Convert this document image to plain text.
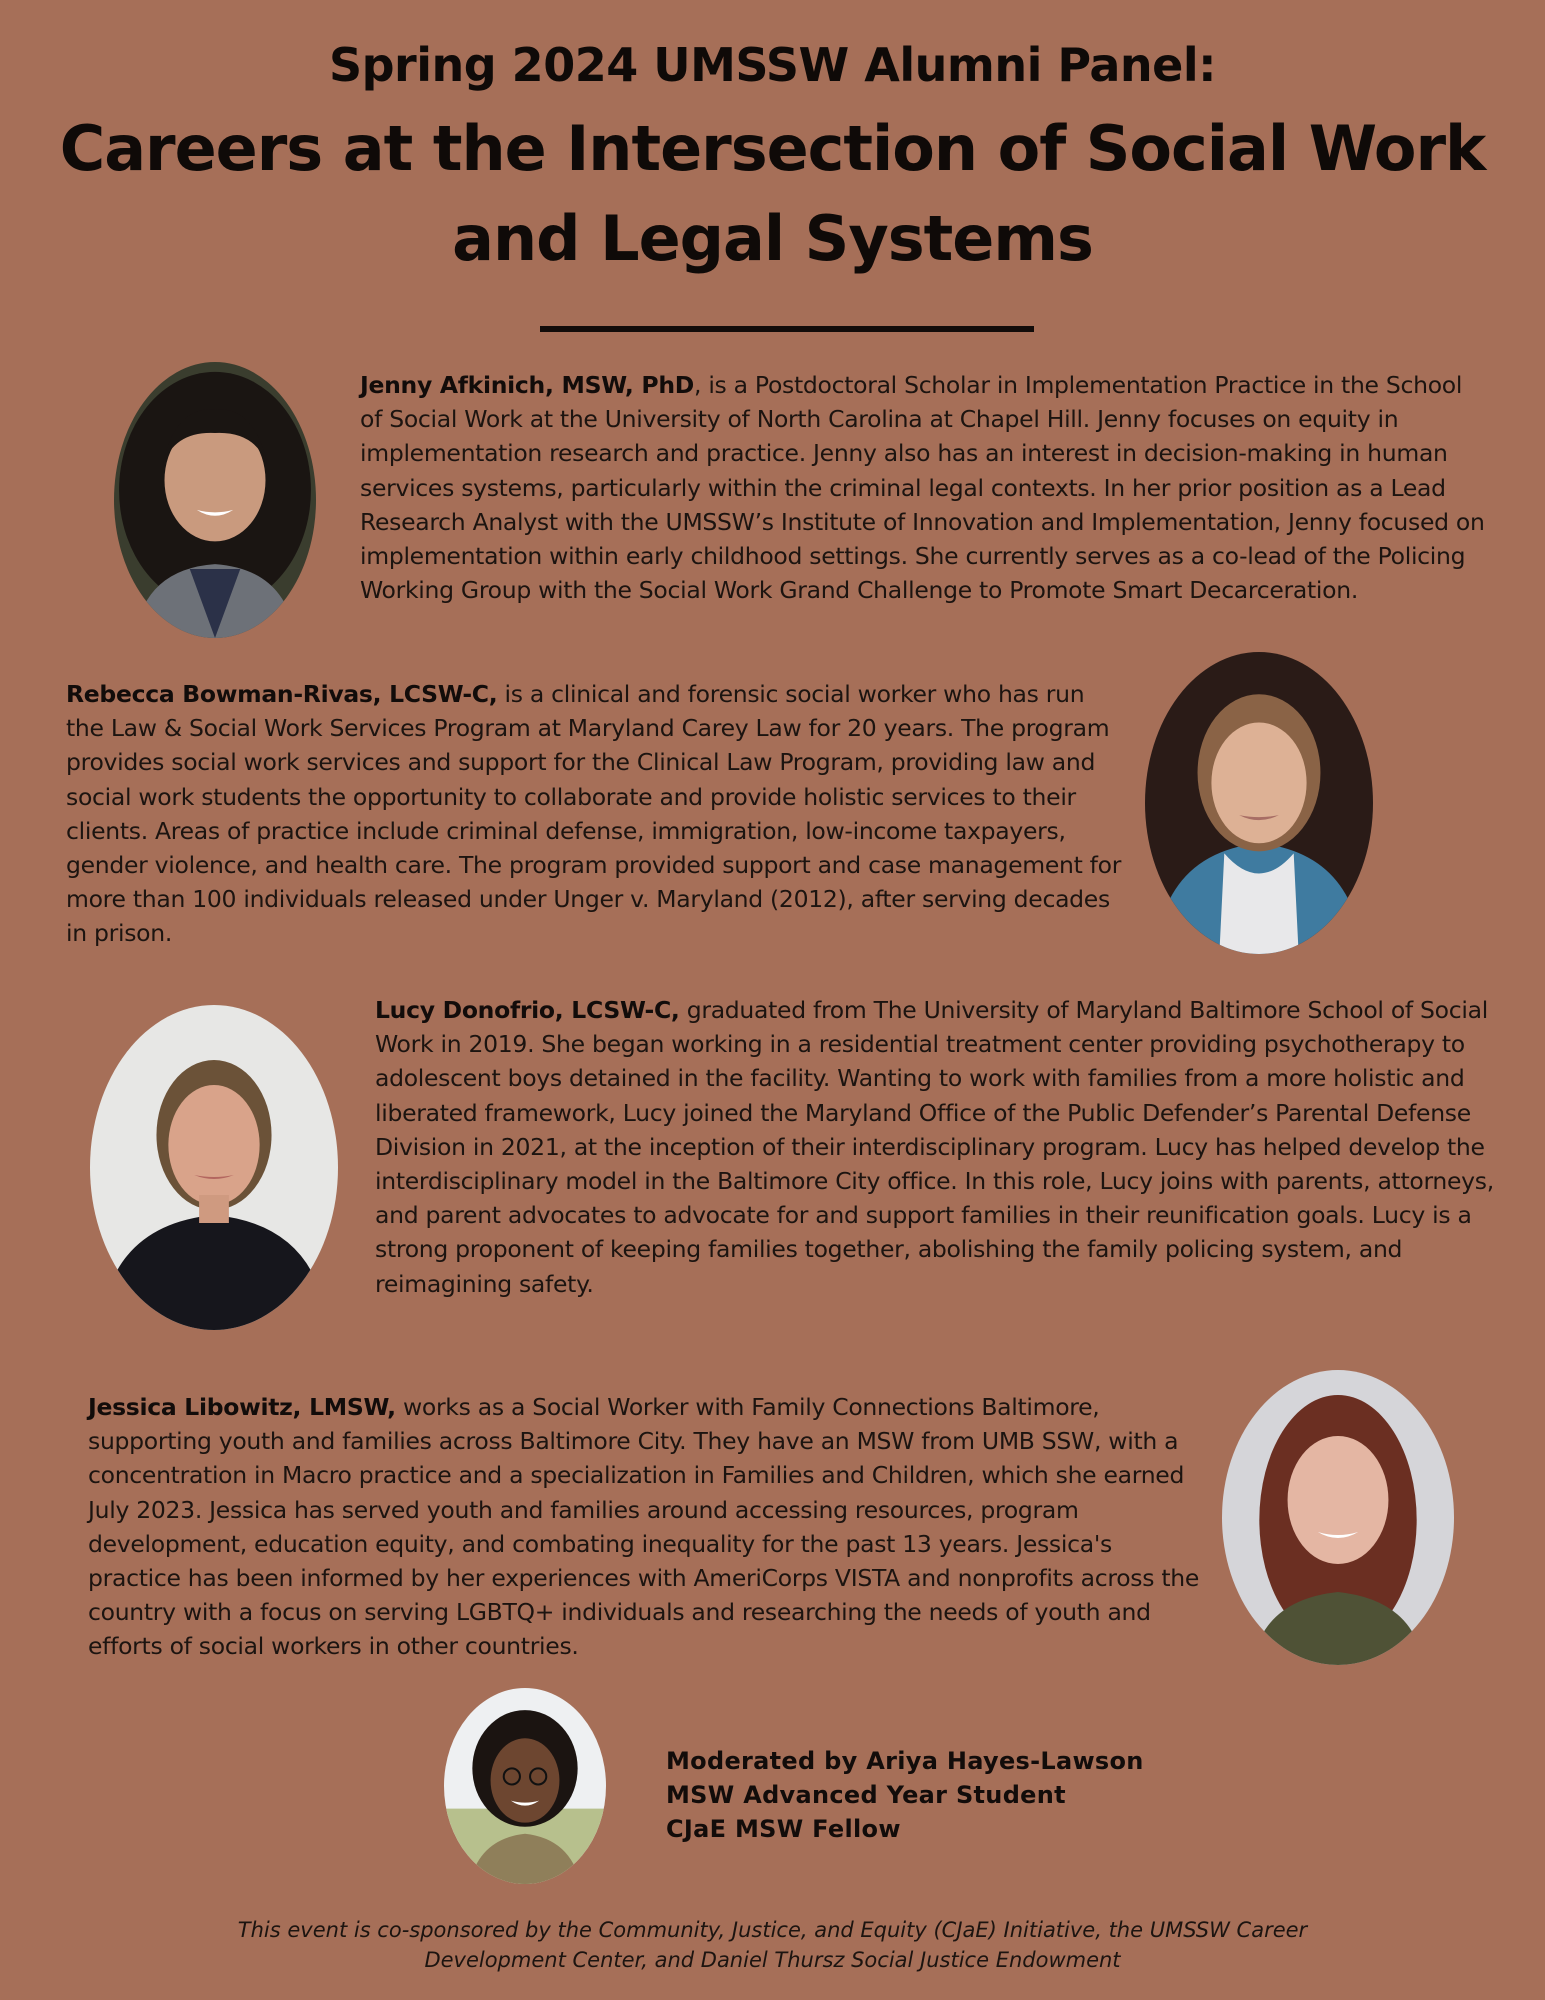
Spring 2024 UMSSW Alumni Panel:
Careers at the Intersection of Social Work and Legal Systems
Jenny Afkinich, MSW, PhD, is a Postdoctoral Scholar in Implementation Practice in the School of Social Work at the University of North Carolina at Chapel Hill. Jenny focuses on equity in implementation research and practice. Jenny also has an interest in decision-making in human services systems, particularly within the criminal legal contexts. In her prior position as a Lead Research Analyst with the UMSSW’s Institute of Innovation and Implementation, Jenny focused on implementation within early childhood settings. She currently serves as a co-lead of the Policing Working Group with the Social Work Grand Challenge to Promote Smart Decarceration.
Rebecca Bowman-Rivas, LCSW-C, is a clinical and forensic social worker who has run the Law & Social Work Services Program at Maryland Carey Law for 20 years. The program provides social work services and support for the Clinical Law Program, providing law and social work students the opportunity to collaborate and provide holistic services to their clients. Areas of practice include criminal defense, immigration, low-income taxpayers, gender violence, and health care. The program provided support and case management for more than 100 individuals released under Unger v. Maryland (2012), after serving decades in prison.
Lucy Donofrio, LCSW-C, graduated from The University of Maryland Baltimore School of Social Work in 2019. She began working in a residential treatment center providing psychotherapy to adolescent boys detained in the facility. Wanting to work with families from a more holistic and liberated framework, Lucy joined the Maryland Office of the Public Defender’s Parental Defense Division in 2021, at the inception of their interdisciplinary program. Lucy has helped develop the interdisciplinary model in the Baltimore City office. In this role, Lucy joins with parents, attorneys, and parent advocates to advocate for and support families in their reunification goals. Lucy is a strong proponent of keeping families together, abolishing the family policing system, and reimagining safety.
Jessica Libowitz, LMSW, works as a Social Worker with Family Connections Baltimore, supporting youth and families across Baltimore City. They have an MSW from UMB SSW, with a concentration in Macro practice and a specialization in Families and Children, which she earned July 2023. Jessica has served youth and families around accessing resources, program development, education equity, and combating inequality for the past 13 years. Jessica's practice has been informed by her experiences with AmeriCorps VISTA and nonprofits across the country with a focus on serving LGBTQ+ individuals and researching the needs of youth and efforts of social workers in other countries.
Moderated by Ariya Hayes-Lawson
MSW Advanced Year Student
CJaE MSW Fellow
This event is co-sponsored by the Community, Justice, and Equity (CJaE) Initiative, the UMSSW Career Development Center, and Daniel Thursz Social Justice Endowment
